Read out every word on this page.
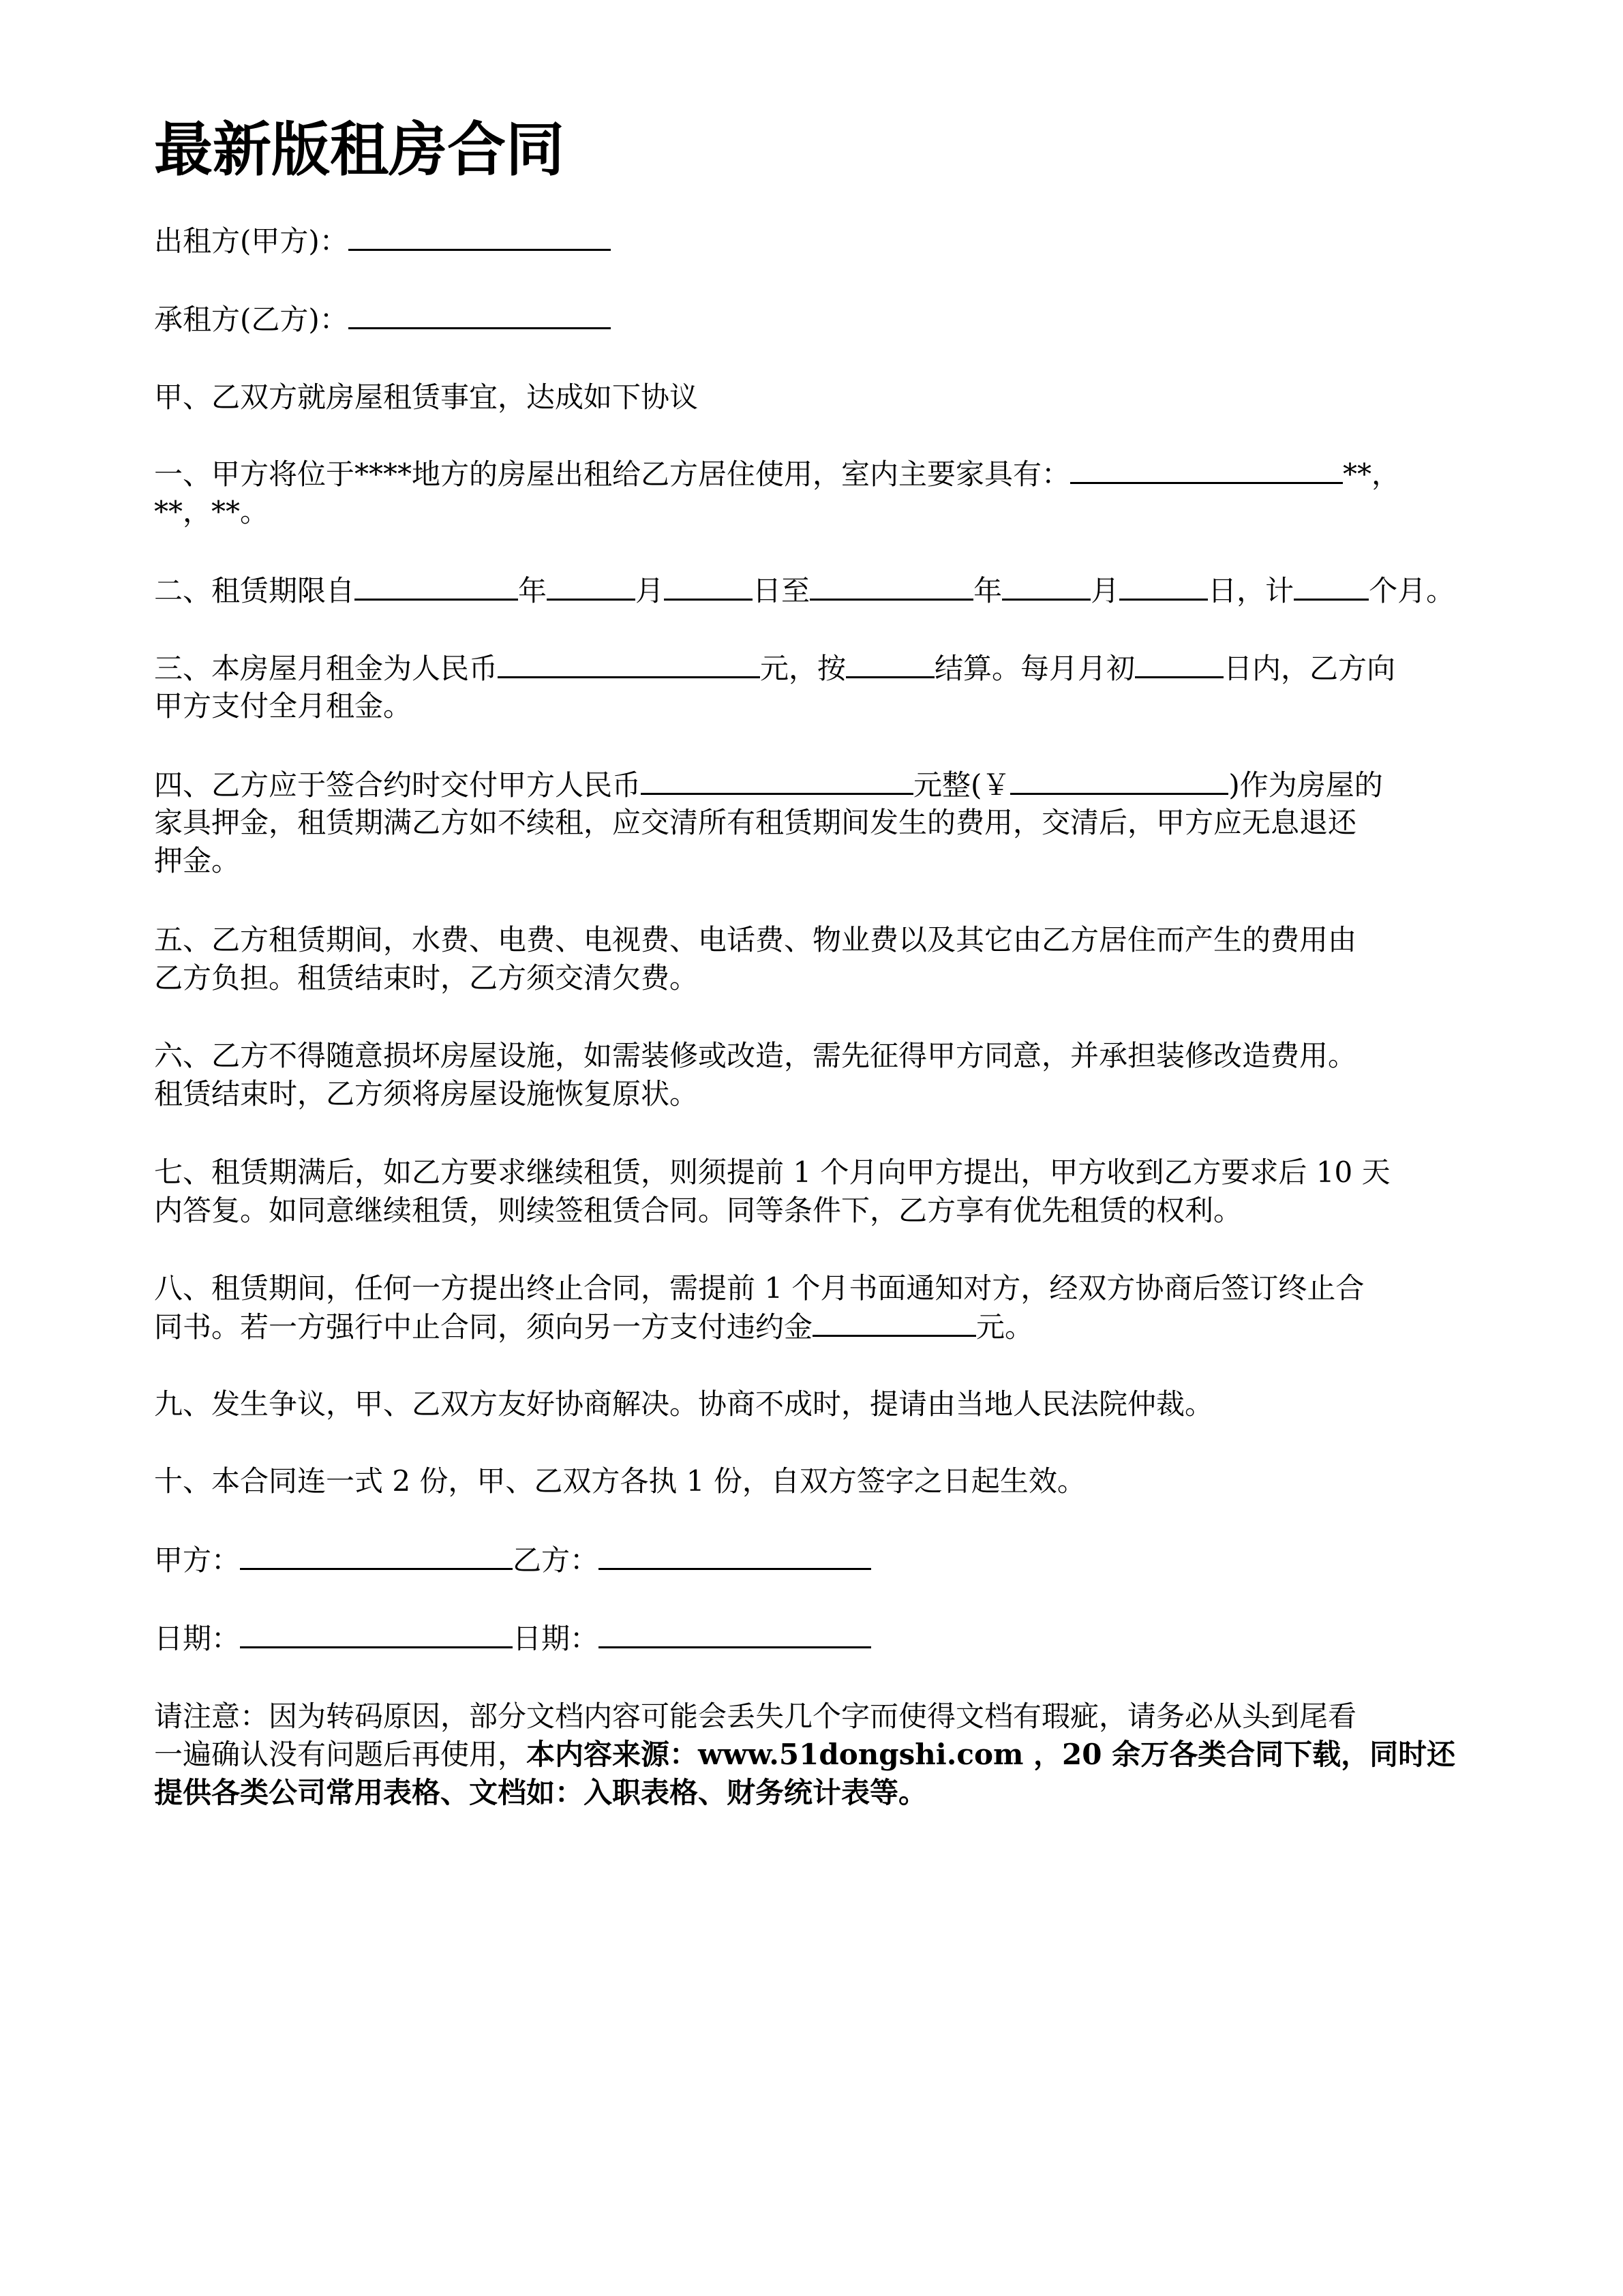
最新版租房合同

出租方(甲方)：

承租方(乙方)：

甲、乙双方就房屋租赁事宜，达成如下协议

一、甲方将位于****地方的房屋出租给乙方居住使用，室内主要家具有：	**，

**，**。

二、租赁期限自	年	月	日至	年	月	日，计	个月。

三、本房屋月租金为人民币	元，按	结算。每月月初	日内，乙方向

甲方支付全月租金。

四、乙方应于签合约时交付甲方人民币	元整(￥	)作为房屋的

家具押金，租赁期满乙方如不续租，应交清所有租赁期间发生的费用，交清后，甲方应无息退还

押金。

五、乙方租赁期间，水费、电费、电视费、电话费、物业费以及其它由乙方居住而产生的费用由

乙方负担。租赁结束时，乙方须交清欠费。

六、乙方不得随意损坏房屋设施，如需装修或改造，需先征得甲方同意，并承担装修改造费用。

租赁结束时，乙方须将房屋设施恢复原状。

七、租赁期满后，如乙方要求继续租赁，则须提前 1 个月向甲方提出，甲方收到乙方要求后 10 天

内答复。如同意继续租赁，则续签租赁合同。同等条件下，乙方享有优先租赁的权利。

八、租赁期间，任何一方提出终止合同，需提前 1 个月书面通知对方，经双方协商后签订终止合

同书。若一方强行中止合同，须向另一方支付违约金	元。

九、发生争议，甲、乙双方友好协商解决。协商不成时，提请由当地人民法院仲裁。

十、本合同连一式 2 份，甲、乙双方各执 1 份，自双方签字之日起生效。

甲方：	乙方：

日期：	日期：

请注意：因为转码原因，部分文档内容可能会丢失几个字而使得文档有瑕疵，请务必从头到尾看

一遍确认没有问题后再使用，本内容来源：www.51dongshi.com ，20 余万各类合同下载，同时还

提供各类公司常用表格、文档如：入职表格、财务统计表等。
